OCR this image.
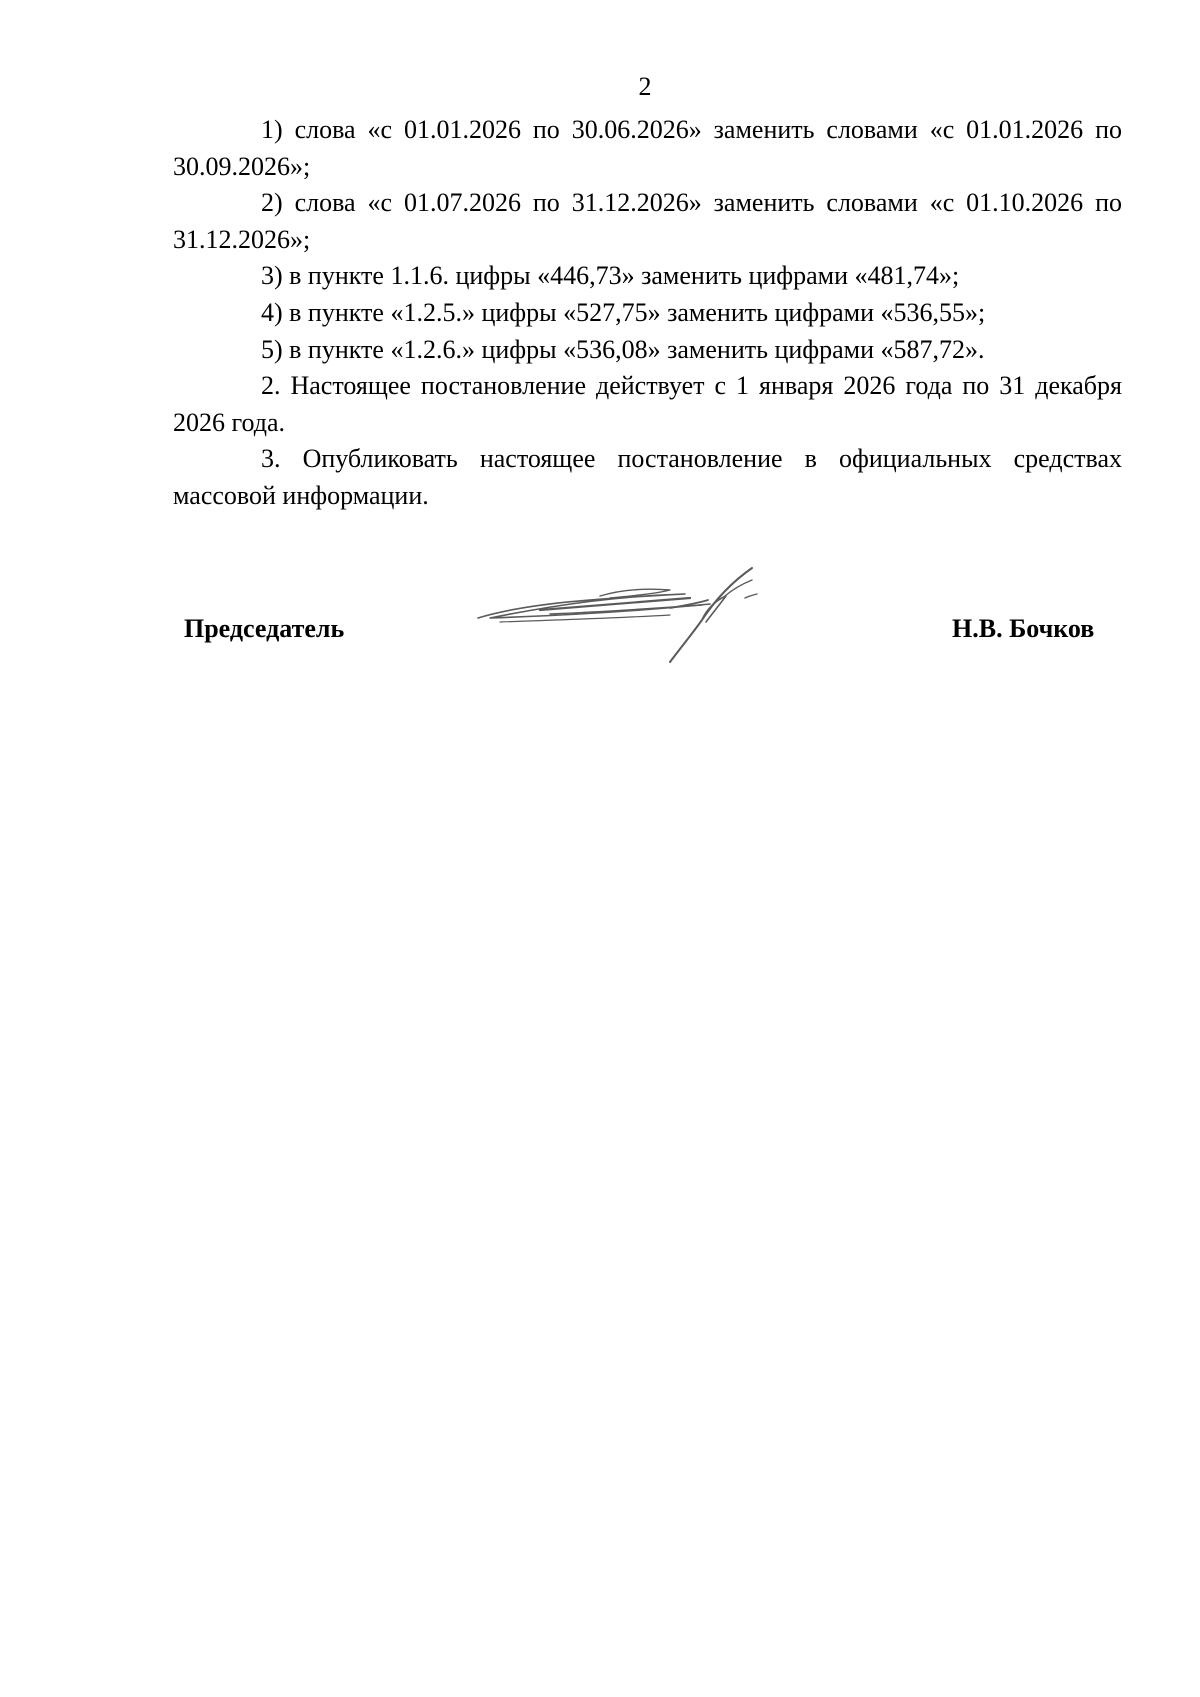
2

1) слова «с 01.01.2026 по 30.06.2026» заменить словами «с 01.01.2026 по 30.09.2026»;

2) слова «с 01.07.2026 по 31.12.2026» заменить словами «с 01.10.2026 по 31.12.2026»;

3) в пункте 1.1.6. цифры «446,73» заменить цифрами «481,74»;

4) в пункте «1.2.5.» цифры «527,75» заменить цифрами «536,55»;

5) в пункте «1.2.6.» цифры «536,08» заменить цифрами «587,72».

2. Настоящее постановление действует с 1 января 2026 года по 31 декабря 2026 года.

3. Опубликовать настоящее постановление в официальных средствах массовой информации.

Председатель	Н.В. Бочков
